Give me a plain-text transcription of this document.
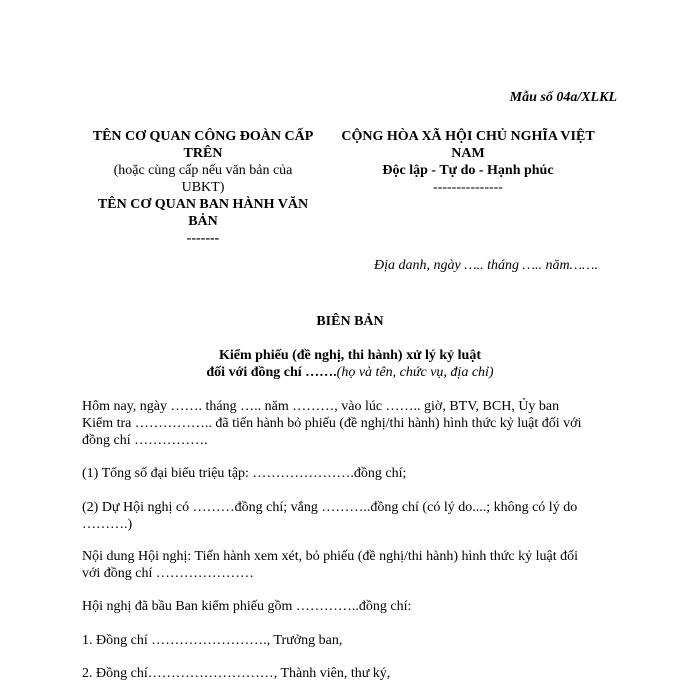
Mẫu số 04a/XLKL
TÊN CƠ QUAN CÔNG ĐOÀN CẤP
TRÊN
(hoặc cùng cấp nếu văn bản của
UBKT)
TÊN CƠ QUAN BAN HÀNH VĂN
BẢN
-------
CỘNG HÒA XÃ HỘI CHỦ NGHĨA VIỆT
NAM
Độc lập - Tự do - Hạnh phúc
---------------
Địa danh, ngày ….. tháng ….. năm…….
BIÊN BẢN
Kiểm phiếu (đề nghị, thi hành) xử lý kỷ luật
đối với đồng chí …….(họ và tên, chức vụ, địa chỉ)
Hôm nay, ngày ……. tháng ….. năm ………, vào lúc …….. giờ, BTV, BCH, Ủy ban
Kiểm tra …………….. đã tiến hành bỏ phiếu (đề nghị/thi hành) hình thức kỷ luật đối với
đồng chí …………….
(1) Tổng số đại biểu triệu tập: ………………….đồng chí;
(2) Dự Hội nghị có ………đồng chí; vắng ………..đồng chí (có lý do....; không có lý do
……….)
Nội dung Hội nghị: Tiến hành xem xét, bỏ phiếu (đề nghị/thi hành) hình thức kỷ luật đối
với đồng chí …………………
Hội nghị đã bầu Ban kiểm phiếu gồm …………..đồng chí:
1. Đồng chí ……………………., Trưởng ban,
2. Đồng chí………………………, Thành viên, thư ký,
